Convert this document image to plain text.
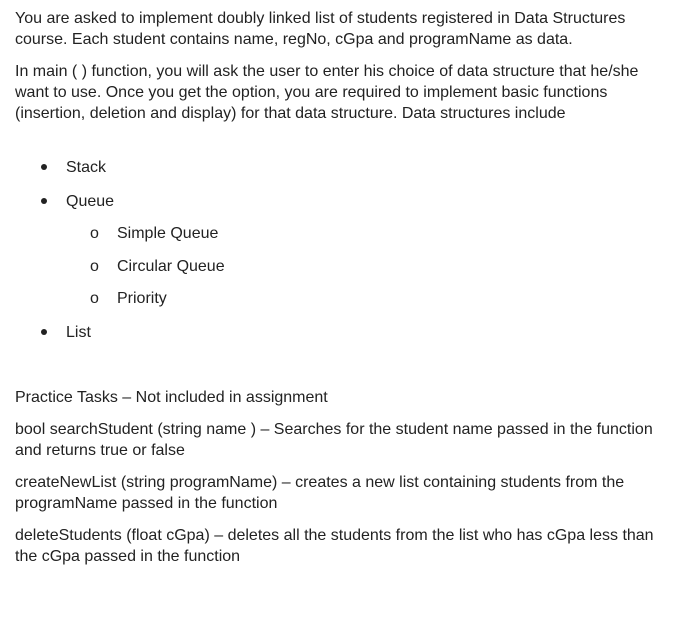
You are asked to implement doubly linked list of students registered in Data Structures course. Each student contains name, regNo, cGpa and programName as data.

In main ( ) function, you will ask the user to enter his choice of data structure that he/she want to use. Once you get the option, you are required to implement basic functions (insertion, deletion and display) for that data structure. Data structures include

Stack
Queue
o Simple Queue
o Circular Queue
o Priority
List

Practice Tasks – Not included in assignment

bool searchStudent (string name ) – Searches for the student name passed in the function and returns true or false

createNewList (string programName) – creates a new list containing students from the programName passed in the function

deleteStudents (float cGpa) – deletes all the students from the list who has cGpa less than the cGpa passed in the function
